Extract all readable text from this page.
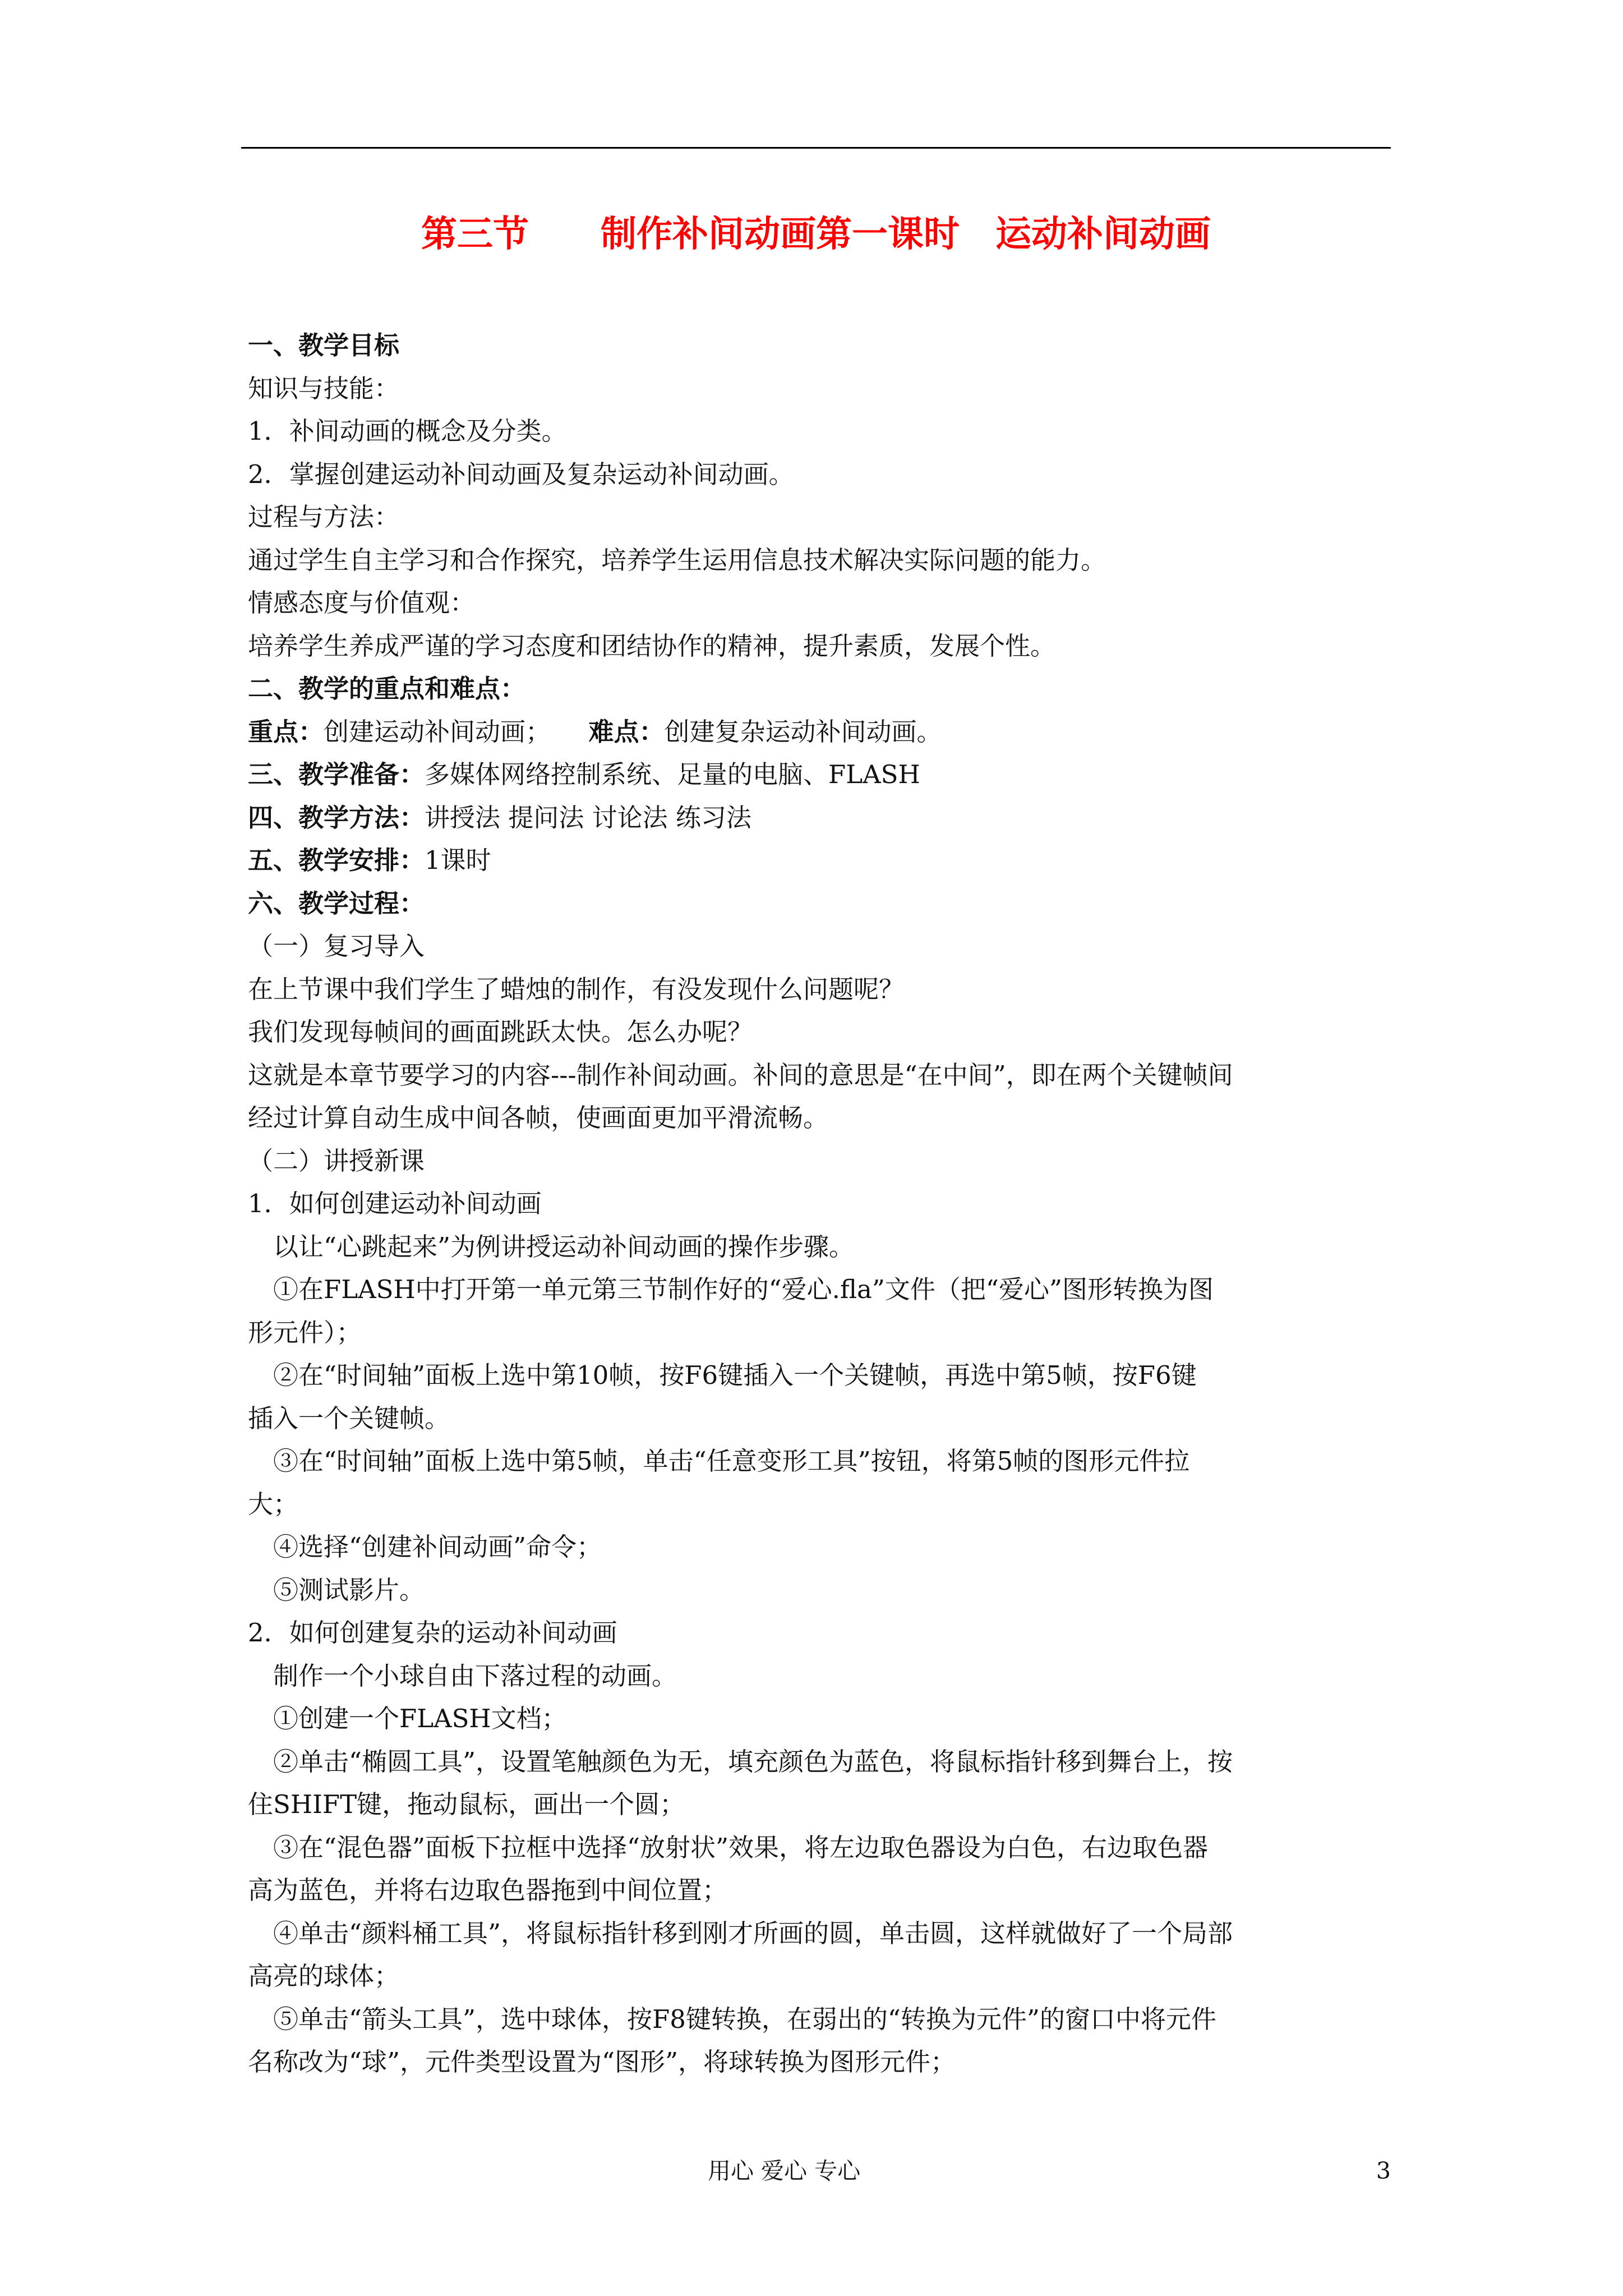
第三节　　制作补间动画第一课时　运动补间动画
一、教学目标
知识与技能：
1．补间动画的概念及分类。
2．掌握创建运动补间动画及复杂运动补间动画。
过程与方法：
通过学生自主学习和合作探究，培养学生运用信息技术解决实际问题的能力。
情感态度与价值观：
培养学生养成严谨的学习态度和团结协作的精神，提升素质，发展个性。
二、教学的重点和难点：
重点：创建运动补间动画；　　难点：创建复杂运动补间动画。
三、教学准备：多媒体网络控制系统、足量的电脑、FLASH
四、教学方法：讲授法 提问法 讨论法 练习法
五、教学安排：1课时
六、教学过程：
（一）复习导入
在上节课中我们学生了蜡烛的制作，有没发现什么问题呢？
我们发现每帧间的画面跳跃太快。怎么办呢？
这就是本章节要学习的内容---制作补间动画。补间的意思是“在中间”，即在两个关键帧间
经过计算自动生成中间各帧，使画面更加平滑流畅。
（二）讲授新课
1．如何创建运动补间动画
　以让“心跳起来”为例讲授运动补间动画的操作步骤。
　①在FLASH中打开第一单元第三节制作好的“爱心.fla”文件（把“爱心”图形转换为图
形元件）；
　②在“时间轴”面板上选中第10帧，按F6键插入一个关键帧，再选中第5帧，按F6键
插入一个关键帧。
　③在“时间轴”面板上选中第5帧，单击“任意变形工具”按钮，将第5帧的图形元件拉
大；
　④选择“创建补间动画”命令；
　⑤测试影片。
2．如何创建复杂的运动补间动画
　制作一个小球自由下落过程的动画。
　①创建一个FLASH文档；
　②单击“椭圆工具”，设置笔触颜色为无，填充颜色为蓝色，将鼠标指针移到舞台上，按
住SHIFT键，拖动鼠标，画出一个圆；
　③在“混色器”面板下拉框中选择“放射状”效果，将左边取色器设为白色，右边取色器
高为蓝色，并将右边取色器拖到中间位置；
　④单击“颜料桶工具”，将鼠标指针移到刚才所画的圆，单击圆，这样就做好了一个局部
高亮的球体；
　⑤单击“箭头工具”，选中球体，按F8键转换，在弱出的“转换为元件”的窗口中将元件
名称改为“球”，元件类型设置为“图形”，将球转换为图形元件；
用心 爱心 专心	3
